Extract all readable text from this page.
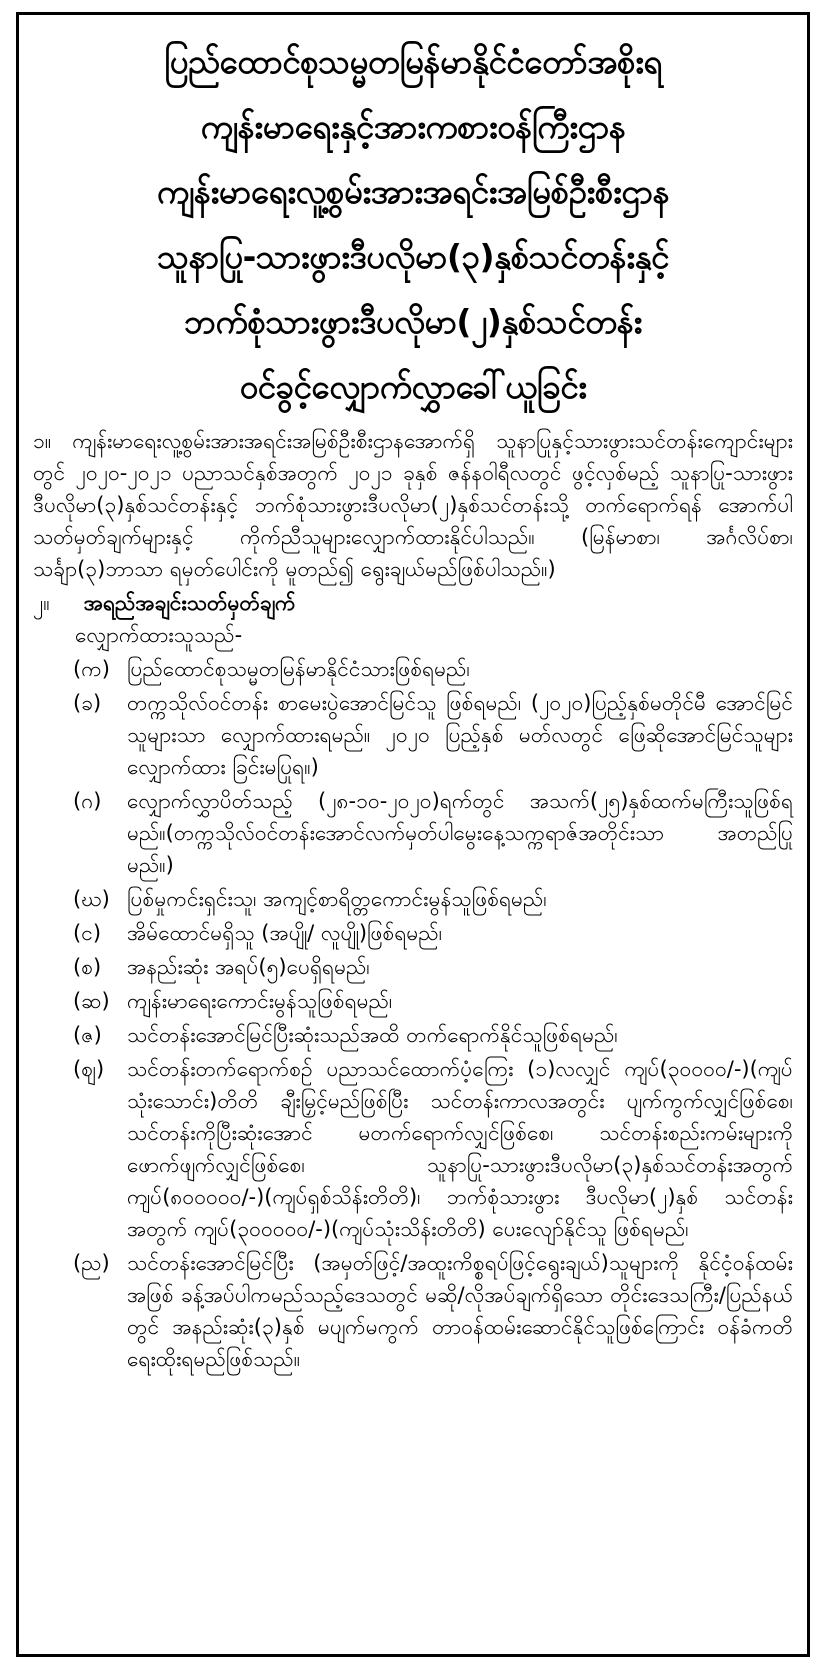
ပြည်ထောင်စုသမ္မတမြန်မာနိုင်ငံတော်အစိုးရ
ကျန်းမာရေးနှင့်အားကစားဝန်ကြီးဌာန
ကျန်းမာရေးလူ့စွမ်းအားအရင်းအမြစ်ဦးစီးဌာန
သူနာပြု-သားဖွားဒီပလိုမာ(၃)နှစ်သင်တန်းနှင့်
ဘက်စုံသားဖွားဒီပလိုမာ(၂)နှစ်သင်တန်း
ဝင်ခွင့်လျှောက်လွှာခေါ်ယူခြင်း

၁။ ကျန်းမာရေးလူ့စွမ်းအားအရင်းအမြစ်ဦးစီးဌာနအောက်ရှိ သူနာပြုနှင့်သားဖွားသင်တန်းကျောင်းများတွင် ၂၀၂၀-၂၀၂၁ ပညာသင်နှစ်အတွက် ၂၀၂၁ ခုနှစ် ဇန်နဝါရီလတွင် ဖွင့်လှစ်မည့် သူနာပြု-သားဖွား ဒီပလိုမာ(၃)နှစ်သင်တန်းနှင့် ဘက်စုံသားဖွားဒီပလိုမာ(၂)နှစ်သင်တန်းသို့ တက်ရောက်ရန် အောက်ပါသတ်မှတ်ချက်များနှင့် ကိုက်ညီသူများလျှောက်ထားနိုင်ပါသည်။ (မြန်မာစာ၊ အင်္ဂလိပ်စာ၊ သင်္ချာ(၃)ဘာသာ ရမှတ်ပေါင်းကို မူတည်၍ ရွေးချယ်မည်ဖြစ်ပါသည်။)

၂။ အရည်အချင်းသတ်မှတ်ချက်
လျှောက်ထားသူသည်-
(က) ပြည်ထောင်စုသမ္မတမြန်မာနိုင်ငံသားဖြစ်ရမည်၊
(ခ)	တက္ကသိုလ်ဝင်တန်း စာမေးပွဲအောင်မြင်သူ ဖြစ်ရမည်၊ (၂၀၂၀)ပြည့်နှစ်မတိုင်မီ အောင်မြင်သူများသာ လျှောက်ထားရမည်။ ၂၀၂၀ ပြည့်နှစ် မတ်လတွင် ဖြေဆိုအောင်မြင်သူများ လျှောက်ထား ခြင်းမပြုရ။)
(ဂ)	လျှောက်လွှာပိတ်သည့် (၂၈-၁၀-၂၀၂၀)ရက်တွင် အသက်(၂၅)နှစ်ထက်မကြီးသူဖြစ်ရမည်။(တက္ကသိုလ်ဝင်တန်းအောင်လက်မှတ်ပါမွေးနေ့သက္ကရာဇ်အတိုင်းသာ အတည်ပြုမည်။)
(ဃ) ပြစ်မှုကင်းရှင်းသူ၊ အကျင့်စာရိတ္တကောင်းမွန်သူဖြစ်ရမည်၊
(င)	အိမ်ထောင်မရှိသူ (အပျို/ လူပျို)ဖြစ်ရမည်၊
(စ)	အနည်းဆုံး အရပ်(၅)ပေရှိရမည်၊
(ဆ) ကျန်းမာရေးကောင်းမွန်သူဖြစ်ရမည်၊
(ဇ)	သင်တန်းအောင်မြင်ပြီးဆုံးသည်အထိ တက်ရောက်နိုင်သူဖြစ်ရမည်၊
(ဈ)	သင်တန်းတက်ရောက်စဉ် ပညာသင်ထောက်ပံ့ကြေး (၁)လလျှင် ကျပ်(၃၀၀၀၀/-)(ကျပ်သုံးသောင်း)တိတိ ချီးမြှင့်မည်ဖြစ်ပြီး သင်တန်းကာလအတွင်း ပျက်ကွက်လျှင်ဖြစ်စေ၊ သင်တန်းကိုပြီးဆုံးအောင် မတက်ရောက်လျှင်ဖြစ်စေ၊ သင်တန်းစည်းကမ်းများကို ဖောက်ဖျက်လျှင်ဖြစ်စေ၊ သူနာပြု-သားဖွားဒီပလိုမာ(၃)နှစ်သင်တန်းအတွက် ကျပ်(၈၀၀၀၀၀/-)(ကျပ်ရှစ်သိန်းတိတိ)၊ ဘက်စုံသားဖွား ဒီပလိုမာ(၂)နှစ် သင်တန်းအတွက် ကျပ်(၃၀၀၀၀၀/-)(ကျပ်သုံးသိန်းတိတိ) ပေးလျော်နိုင်သူ ဖြစ်ရမည်၊
(ည) သင်တန်းအောင်မြင်ပြီး (အမှတ်ဖြင့်/အထူးကိစ္စရပ်ဖြင့်ရွေးချယ်)သူများကို နိုင်ငံ့ဝန်ထမ်းအဖြစ် ခန့်အပ်ပါကမည်သည့်ဒေသတွင် မဆို/လိုအပ်ချက်ရှိသော တိုင်းဒေသကြီး/ပြည်နယ်တွင် အနည်းဆုံး(၃)နှစ် မပျက်မကွက် တာဝန်ထမ်းဆောင်နိုင်သူဖြစ်ကြောင်း ဝန်ခံကတိရေးထိုးရမည်ဖြစ်သည်။
